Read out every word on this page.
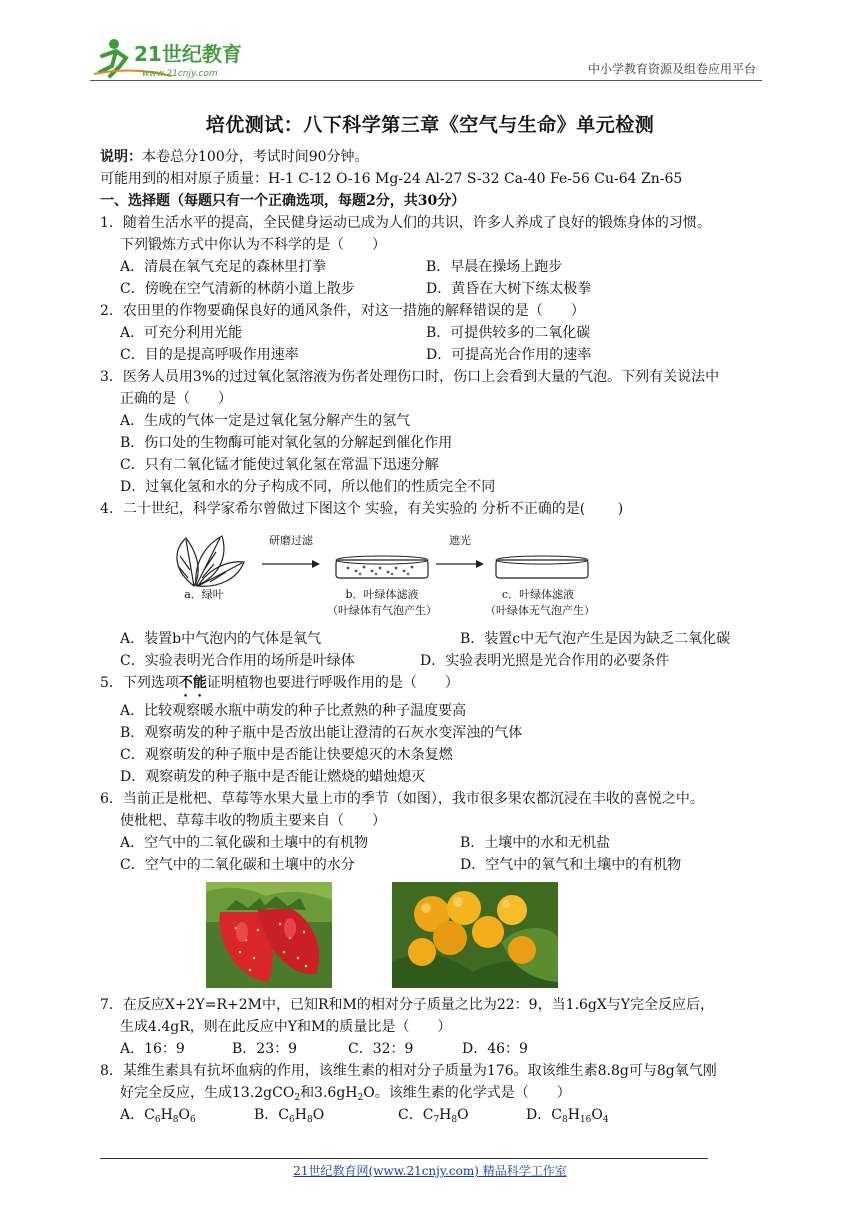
21世纪教育
www.21cnjy.com	中小学教育资源及组卷应用平台
培优测试：八下科学第三章《空气与生命》单元检测
说明：本卷总分100分，考试时间90分钟。
可能用到的相对原子质量：H-1 C-12 O-16 Mg-24 Al-27 S-32 Ca-40 Fe-56 Cu-64 Zn-65
一、选择题（每题只有一个正确选项，每题2分，共30分）
1．随着生活水平的提高，全民健身运动已成为人们的共识，许多人养成了良好的锻炼身体的习惯。
下列锻炼方式中你认为不科学的是（　　）
A．清晨在氧气充足的森林里打拳	B．早晨在操场上跑步
C．傍晚在空气清新的林荫小道上散步	D．黄昏在大树下练太极拳
2．农田里的作物要确保良好的通风条件，对这一措施的解释错误的是（　　）
A．可充分利用光能	B．可提供较多的二氧化碳
C．目的是提高呼吸作用速率	D．可提高光合作用的速率
3．医务人员用3%的过过氧化氢溶液为伤者处理伤口时，伤口上会看到大量的气泡。下列有关说法中
正确的是（　　）
A．生成的气体一定是过氧化氢分解产生的氢气
B．伤口处的生物酶可能对氧化氢的分解起到催化作用
C．只有二氧化锰才能使过氧化氢在常温下迅速分解
D．过氧化氢和水的分子构成不同，所以他们的性质完全不同
4．二十世纪，科学家希尔曾做过下图这个 实验，有关实验的 分析不正确的是(　　 )
研磨过滤	遮光
a．绿叶	b．叶绿体滤液
（叶绿体有气泡产生）
c．叶绿体滤液
（叶绿体无气泡产生）
A．装置b中气泡内的气体是氧气	B．装置c中无气泡产生是因为缺乏二氧化碳
C．实验表明光合作用的场所是叶绿体	D．实验表明光照是光合作用的必要条件
5．下列选项不能证明植物也要进行呼吸作用的是（　　）
A．比较观察暖水瓶中萌发的种子比煮熟的种子温度要高
B．观察萌发的种子瓶中是否放出能让澄清的石灰水变浑浊的气体
C．观察萌发的种子瓶中是否能让快要熄灭的木条复燃
D．观察萌发的种子瓶中是否能让燃烧的蜡烛熄灭
6．当前正是枇杷、草莓等水果大量上市的季节（如图），我市很多果农都沉浸在丰收的喜悦之中。
使枇杷、草莓丰收的物质主要来自（　　）
A．空气中的二氧化碳和土壤中的有机物	B．土壤中的水和无机盐
C．空气中的二氧化碳和土壤中的水分	D．空气中的氧气和土壤中的有机物
7．在反应X+2Y=R+2M中，已知R和M的相对分子质量之比为22：9，当1.6gX与Y完全反应后，
生成4.4gR，则在此反应中Y和M的质量比是（　　）
A．16：9	B．23：9	C．32：9	D．46：9
8．某维生素具有抗坏血病的作用，该维生素的相对分子质量为176。取该维生素8.8g可与8g氧气刚
好完全反应，生成13.2gCO$_2$和$3.6gH_2O$。该维生素的化学式是（　　）
A．$C_6H_8O_6$	B．$C_6H_8O$	C．$C_7H_8O$	D．$C_8H_{16}O_4$
21世纪教育网(www.21cnjy.com) 精品科学工作室
